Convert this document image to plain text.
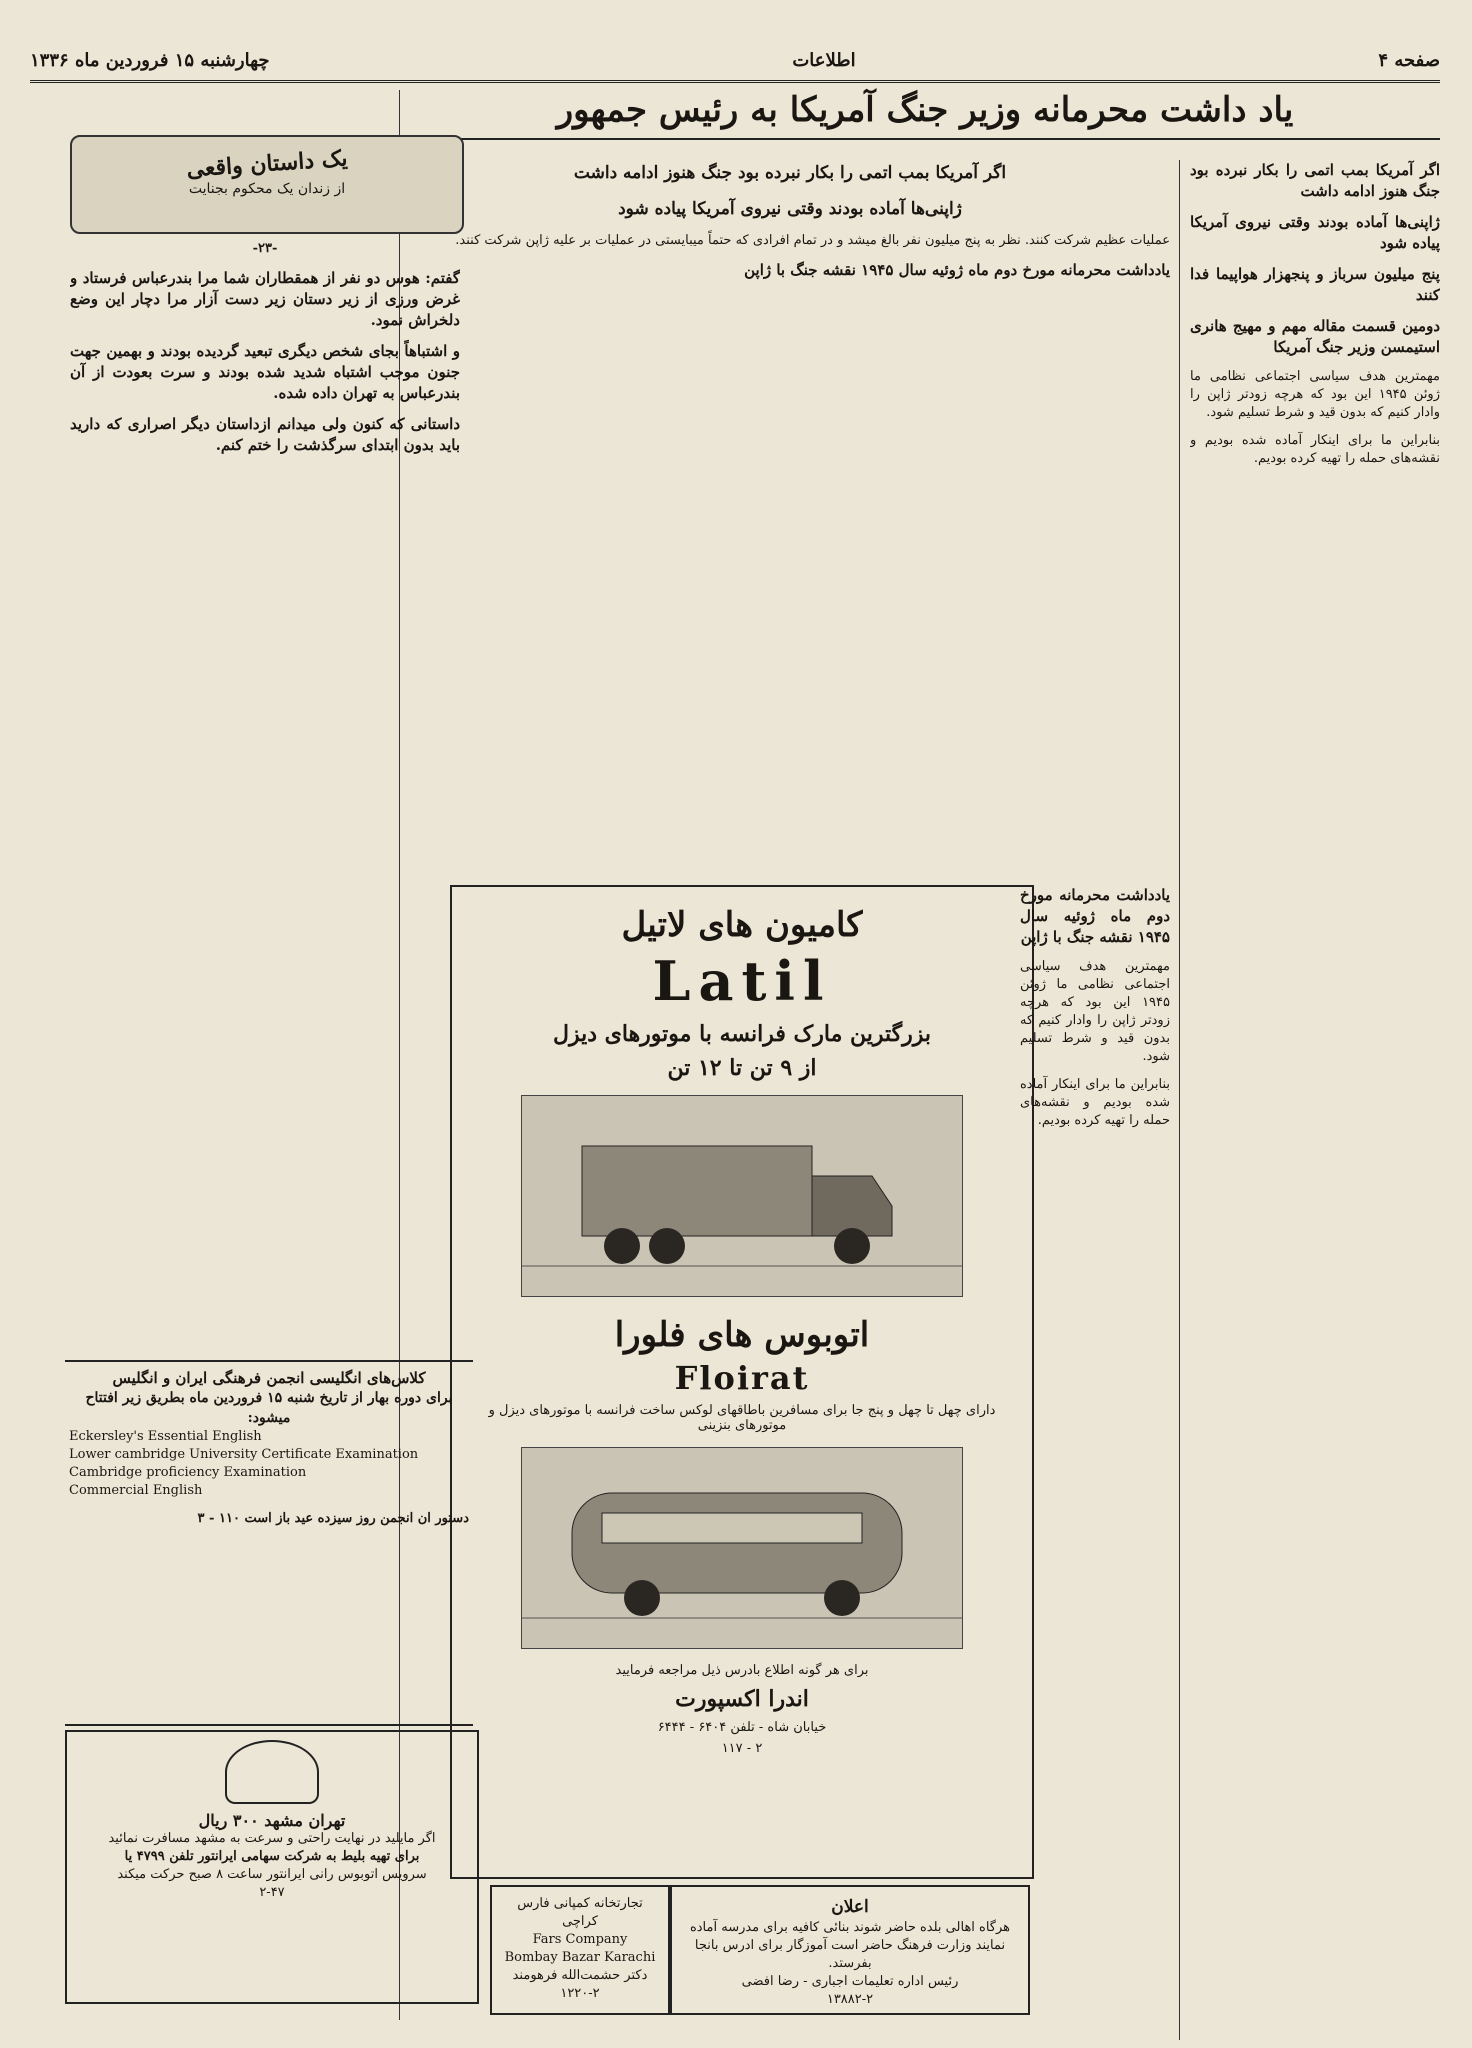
صفحه ۴
اطلاعات
چهارشنبه ۱۵ فروردین ماه ۱۳۳۶
یاد داشت محرمانه وزیر جنگ آمریکا به رئیس جمهور

اگر آمریکا بمب اتمی را بکار نبرده بود جنگ هنوز ادامه داشت

ژاپنی‌ها آماده بودند وقتی نیروی آمریکا پیاده شود

پنج میلیون سرباز و پنجهزار هواپیما فدا کنند

دومین قسمت مقاله مهم و مهیج هانری استیمسن وزیر جنگ آمریکا

مهمترین هدف سیاسی اجتماعی نظامی ما ژوئن ۱۹۴۵ این بود که هرچه زودتر ژاپن را وادار کنیم که بدون قید و شرط تسلیم شود.

بنابراین ما برای اینکار آماده شده بودیم و نقشه‌های حمله را تهیه کرده بودیم.

اگر آمریکا بمب اتمی را بکار نبرده بود جنگ هنوز ادامه داشت

ژاپنی‌ها آماده بودند وقتی نیروی آمریکا پیاده شود

عملیات عظیم شرکت کنند. نظر به پنج میلیون نفر بالغ میشد و در تمام افرادی که حتماً میبایستی در عملیات بر علیه ژاپن شرکت کنند.

یادداشت محرمانه مورخ دوم ماه ژوئیه سال ۱۹۴۵ نقشه جنگ با ژاپن

کامیون های لاتیل
Latil
بزرگترین مارک فرانسه با موتورهای دیزل
از ۹ تن تا ۱۲ تن
اتوبوس های فلورا
Floirat
دارای چهل تا چهل و پنج جا برای مسافرین باطاقهای لوکس ساخت فرانسه با موتورهای دیزل و موتورهای بنزینی
برای هر گونه اطلاع بادرس ذیل مراجعه فرمایید
اندرا اکسپورت
خیابان شاه - تلفن ۶۴۰۴ - ۶۴۴۴
۲ - ۱۱۷

یادداشت محرمانه مورخ دوم ماه ژوئیه سال ۱۹۴۵ نقشه جنگ با ژاپن

مهمترین هدف سیاسی اجتماعی نظامی ما ژوئن ۱۹۴۵ این بود که هرچه زودتر ژاپن را وادار کنیم که بدون قید و شرط تسلیم شود.

بنابراین ما برای اینکار آماده شده بودیم و نقشه‌های حمله را تهیه کرده بودیم.

یک داستان واقعی
از زندان یک محکوم بجنایت

-۲۳-

گفتم: هوس دو نفر از همقطاران شما مرا بندرعباس فرستاد و غرض ورزی از زیر دستان زیر دست آزار مرا دچار این وضع دلخراش نمود.

و اشتباهاً بجای شخص دیگری تبعید گردیده بودند و بهمین جهت جنون موجب اشتباه شدید شده بودند و سرت بعودت از آن بندرعباس به تهران داده شده.

داستانی که کنون ولی میدانم ازداستان دیگر اصراری که دارید باید بدون ابتدای سرگذشت را ختم کنم.

کلاس‌های انگلیسی انجمن فرهنگی ایران و انگلیس
برای دوره بهار از تاریخ شنبه ۱۵ فروردین ماه بطریق زیر افتتاح میشود:
Eckersley's Essential English
Lower cambridge University Certificate Examination
Cambridge proficiency Examination
Commercial English
دستور ان انجمن روز سیزده عید باز است ۱۱۰ - ۳
تهران مشهد ۳۰۰ ریال
اگر مایلید در نهایت راحتی و سرعت به مشهد مسافرت نمائید
برای تهیه بلیط به شرکت سهامی ایرانتور تلفن ۴۷۹۹ یا
سرویس اتوبوس رانی ایرانتور ساعت ۸ صبح حرکت میکند
۲-۴۷
تجارتخانه کمپانی فارس کراچی
Fars Company
Bombay Bazar Karachi
دکتر حشمت‌الله فرهومند
۱۲۲۰-۲
اعلان
هرگاه اهالی بلده حاضر شوند بنائی کافیه برای مدرسه آماده نمایند وزارت فرهنگ حاضر است آموزگار برای ادرس بانجا بفرستد.
رئیس اداره تعلیمات اجباری - رضا افضی
۱۳۸۸۲-۲
